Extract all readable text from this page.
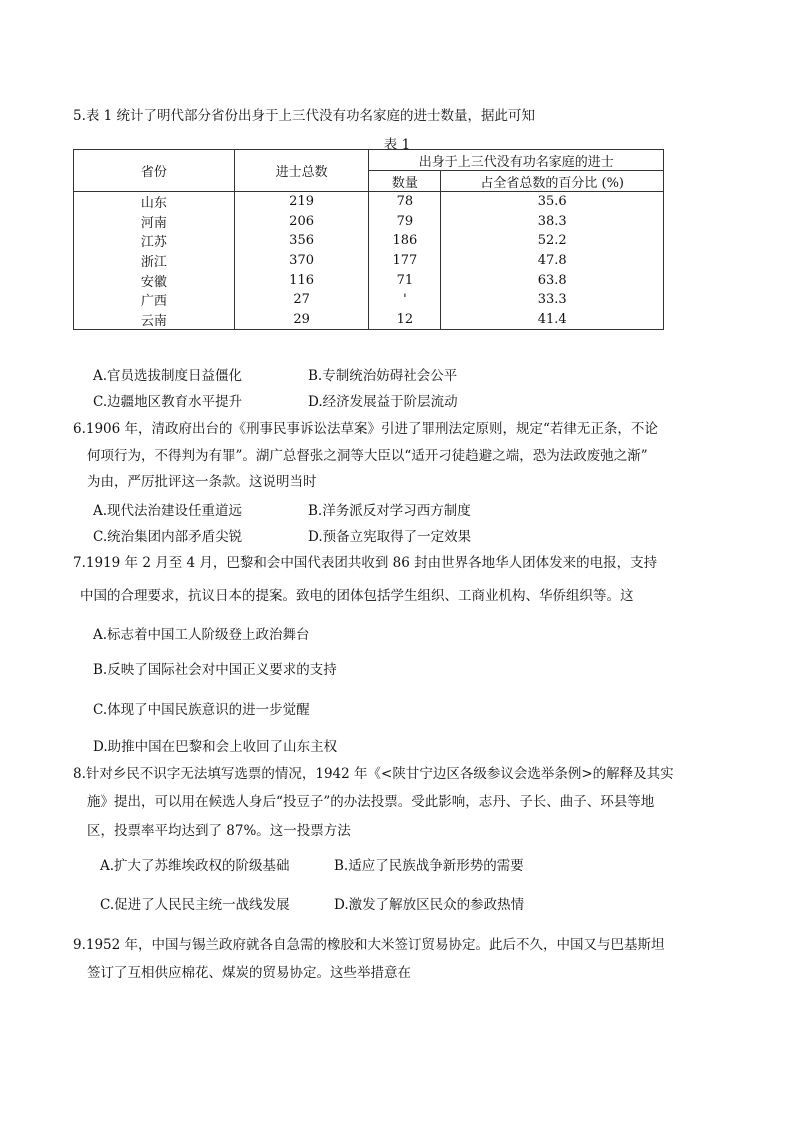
5.表 1 统计了明代部分省份出身于上三代没有功名家庭的进士数量，据此可知
表 1
省份	进士总数	出身于上三代没有功名家庭的进士	
		数量	占全省总数的百分比 (%)
山东	219	78	35.6
河南	206	79	38.3
江苏	356	186	52.2
浙江	370	177	47.8
安徽	116	71	63.8
广西	27	'	33.3
云南	29	12	41.4
A.官员选拔制度日益僵化	B.专制统治妨碍社会公平
C.边疆地区教育水平提升	D.经济发展益于阶层流动
6.1906 年，清政府出台的《刑事民事诉讼法草案》引进了罪刑法定原则，规定“若律无正条，不论
何项行为，不得判为有罪”。湖广总督张之洞等大臣以“适开刁徒趋避之端，恐为法政废弛之渐”
为由，严厉批评这一条款。这说明当时
A.现代法治建设任重道远	B.洋务派反对学习西方制度
C.统治集团内部矛盾尖锐	D.预备立宪取得了一定效果
7.1919 年 2 月至 4 月，巴黎和会中国代表团共收到 86 封由世界各地华人团体发来的电报，支持
中国的合理要求，抗议日本的提案。致电的团体包括学生组织、工商业机构、华侨组织等。这
A.标志着中国工人阶级登上政治舞台
B.反映了国际社会对中国正义要求的支持
C.体现了中国民族意识的进一步觉醒
D.助推中国在巴黎和会上收回了山东主权
8.针对乡民不识字无法填写选票的情况，1942 年《<陕甘宁边区各级参议会选举条例>的解释及其实
施》提出，可以用在候选人身后“投豆子”的办法投票。受此影响，志丹、子长、曲子、环县等地
区，投票率平均达到了 87%。这一投票方法
A.扩大了苏维埃政权的阶级基础	B.适应了民族战争新形势的需要
C.促进了人民民主统一战线发展	D.激发了解放区民众的参政热情
9.1952 年，中国与锡兰政府就各自急需的橡胶和大米签订贸易协定。此后不久，中国又与巴基斯坦
签订了互相供应棉花、煤炭的贸易协定。这些举措意在
